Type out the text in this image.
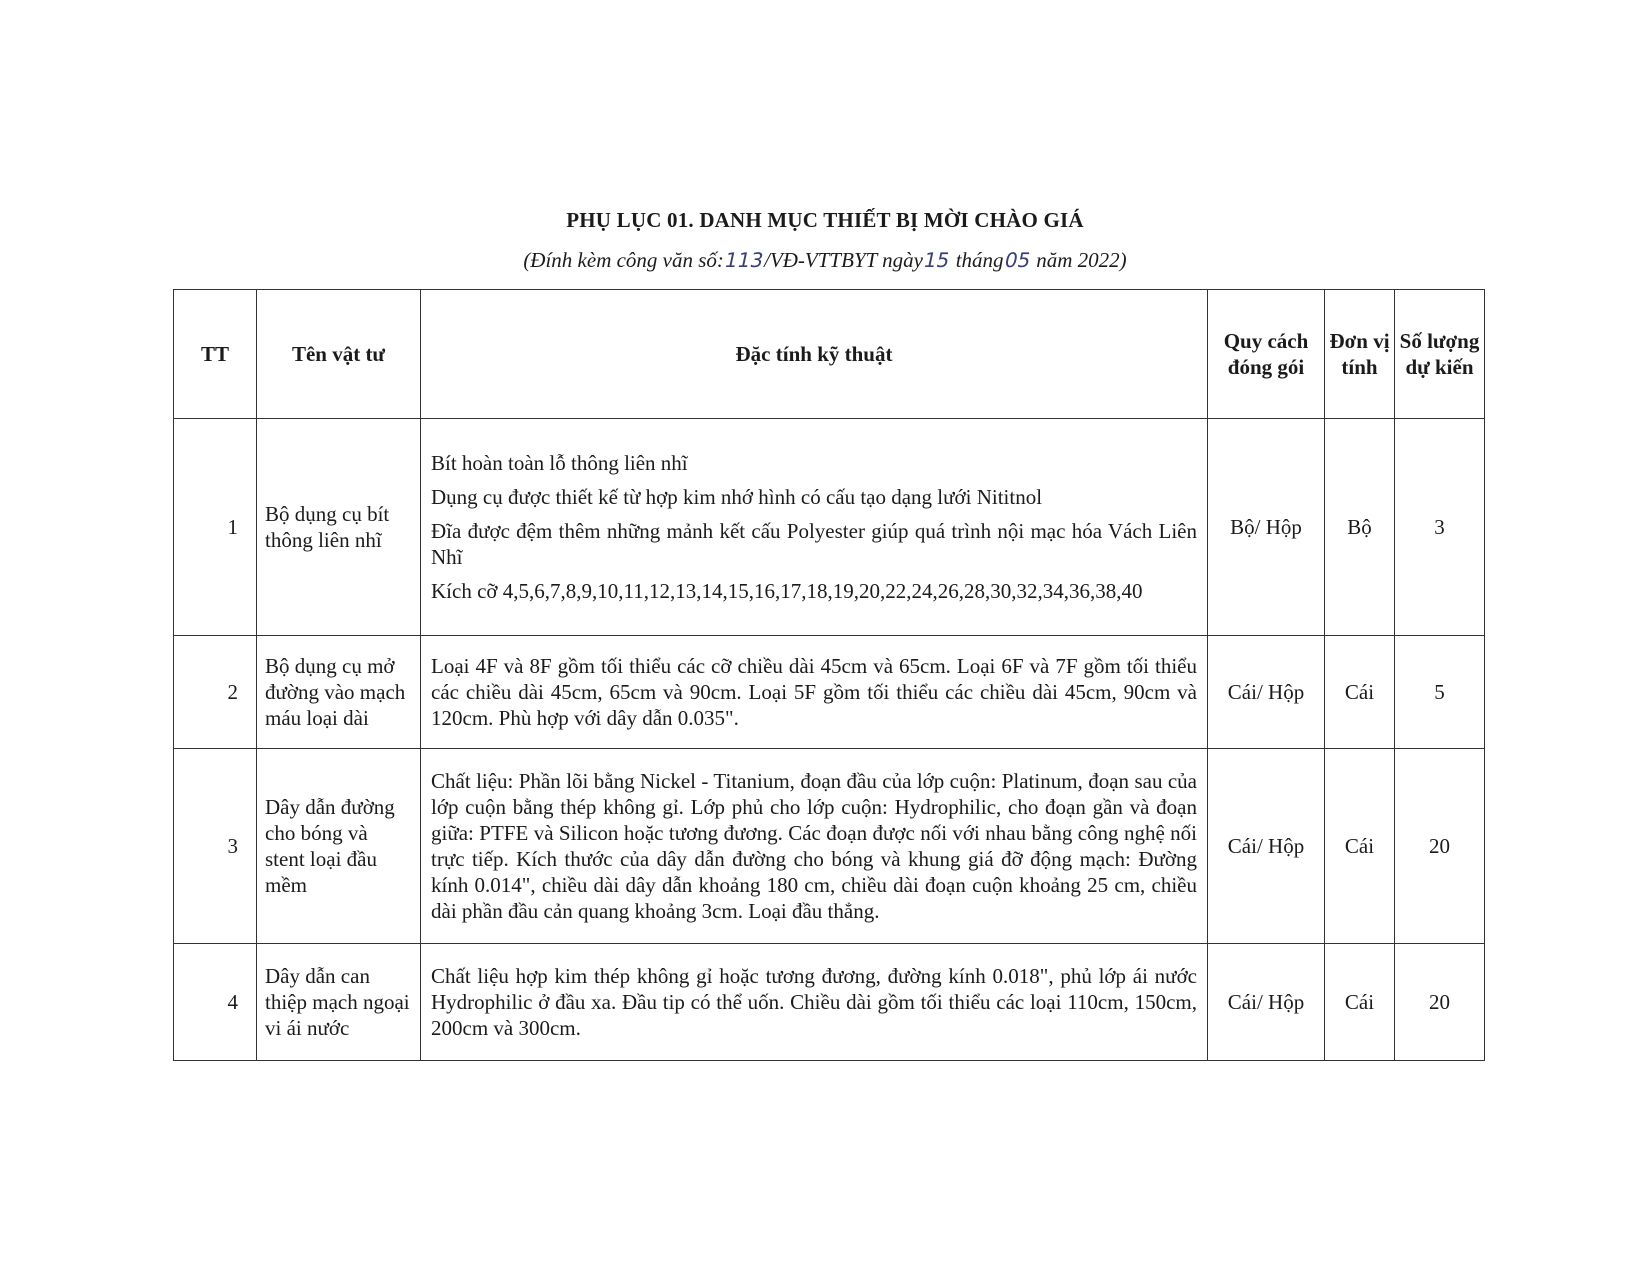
PHỤ LỤC 01. DANH MỤC THIẾT BỊ MỜI CHÀO GIÁ
(Đính kèm công văn số:113/VĐ-VTTBYT ngày15 tháng05 năm 2022)
TT	Tên vật tư	Đặc tính kỹ thuật	Quy cách đóng gói	Đơn vị tính	Số lượng dự kiến
1	Bộ dụng cụ bít thông liên nhĩ	Bít hoàn toàn lỗ thông liên nhĩ
Dụng cụ được thiết kế từ hợp kim nhớ hình có cấu tạo dạng lưới Nititnol
Đĩa được đệm thêm những mảnh kết cấu Polyester giúp quá trình nội mạc hóa Vách Liên Nhĩ
Kích cỡ 4,5,6,7,8,9,10,11,12,13,14,15,16,17,18,19,20,22,24,26,28,30,32,34,36,38,40	Bộ/ Hộp	Bộ	3
2	Bộ dụng cụ mở đường vào mạch máu loại dài	Loại 4F và 8F gồm tối thiểu các cỡ chiều dài 45cm và 65cm. Loại 6F và 7F gồm tối thiểu các chiều dài 45cm, 65cm và 90cm. Loại 5F gồm tối thiểu các chiều dài 45cm, 90cm và 120cm. Phù hợp với dây dẫn 0.035".	Cái/ Hộp	Cái	5
3	Dây dẫn đường cho bóng và stent loại đầu mềm	Chất liệu: Phần lõi bằng Nickel - Titanium, đoạn đầu của lớp cuộn: Platinum, đoạn sau của lớp cuộn bằng thép không gỉ. Lớp phủ cho lớp cuộn: Hydrophilic, cho đoạn gần và đoạn giữa: PTFE và Silicon hoặc tương đương. Các đoạn được nối với nhau bằng công nghệ nối trực tiếp. Kích thước của dây dẫn đường cho bóng và khung giá đỡ động mạch: Đường kính 0.014", chiều dài dây dẫn khoảng 180 cm, chiều dài đoạn cuộn khoảng 25 cm, chiều dài phần đầu cản quang khoảng 3cm. Loại đầu thẳng.	Cái/ Hộp	Cái	20
4	Dây dẫn can thiệp mạch ngoại vi ái nước	Chất liệu hợp kim thép không gỉ hoặc tương đương, đường kính 0.018", phủ lớp ái nước Hydrophilic ở đầu xa. Đầu tip có thể uốn. Chiều dài gồm tối thiểu các loại 110cm, 150cm, 200cm và 300cm.	Cái/ Hộp	Cái	20
